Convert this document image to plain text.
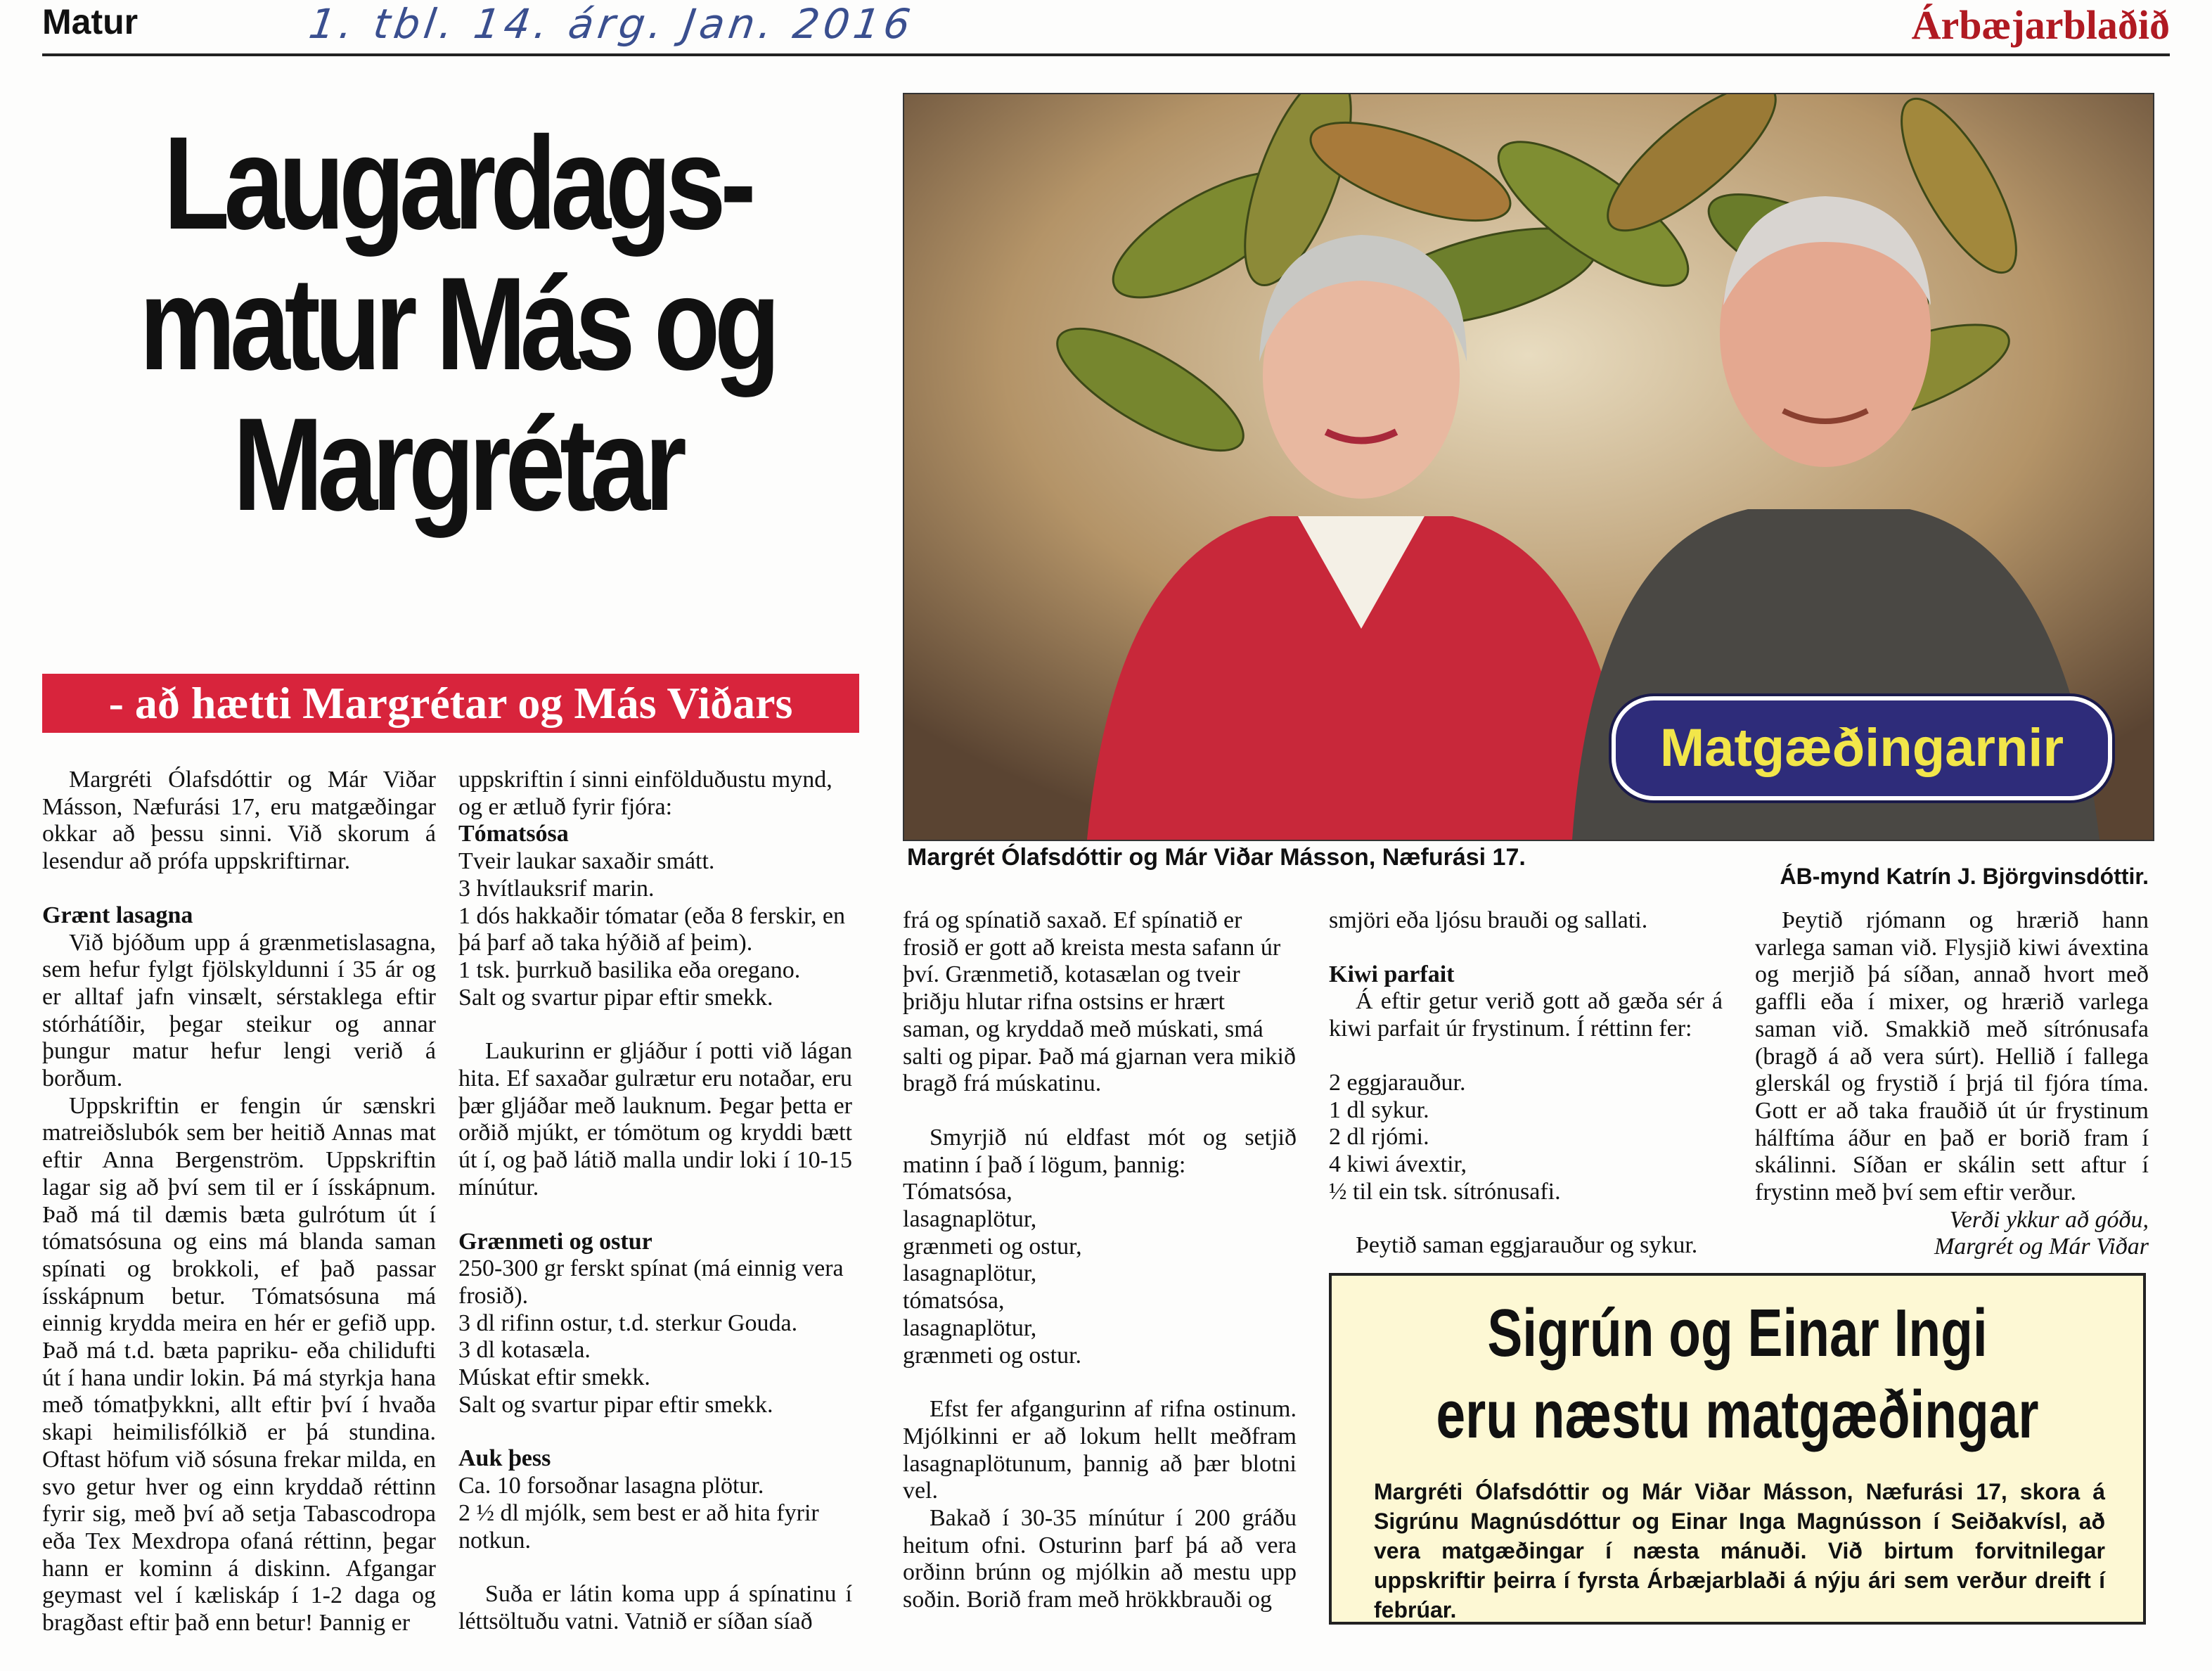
Matur	1. tbl. 14. árg. Jan. 2016	Árbæjarblaðið
Laugardags-
matur Más og
Margrétar
- að hætti Margrétar og Más Viðars
Matgæðingarnir
Margrét Ólafsdóttir og Már Viðar Másson, Næfurási 17.
ÁB-mynd Katrín J. Björgvinsdóttir.

Margréti Ólafsdóttir og Már Viðar Másson, Næfurási 17, eru matgæðingar okkar að þessu sinni. Við skorum á lesendur að prófa uppskriftirnar.

Grænt lasagna

Við bjóðum upp á grænmetislasagna, sem hefur fylgt fjölskyldunni í 35 ár og er alltaf jafn vinsælt, sérstaklega eftir stórhátíðir, þegar steikur og annar þungur matur hefur lengi verið á borðum.

Uppskriftin er fengin úr sænskri matreiðslubók sem ber heitið Annas mat eftir Anna Bergenström. Uppskriftin lagar sig að því sem til er í ísskápnum. Það má til dæmis bæta gulrótum út í tómatsósuna og eins má blanda saman spínati og brokkoli, ef það passar ísskápnum betur. Tómatsósuna má einnig krydda meira en hér er gefið upp. Það má t.d. bæta papriku- eða chilidufti út í hana undir lokin. Þá má styrkja hana með tómatþykkni, allt eftir því í hvaða skapi heimilisfólkið er þá stundina. Oftast höfum við sósuna frekar milda, en svo getur hver og einn kryddað réttinn fyrir sig, með því að setja Tabascodropa eða Tex Mexdropa ofaná réttinn, þegar hann er kominn á diskinn. Afgangar geymast vel í kæliskáp í 1-2 daga og bragðast eftir það enn betur! Þannig er

uppskriftin í sinni einfölduðustu mynd, og er ætluð fyrir fjóra:

Tómatsósa

Tveir laukar saxaðir smátt.

3 hvítlauksrif marin.

1 dós hakkaðir tómatar (eða 8 ferskir, en þá þarf að taka hýðið af þeim).

1 tsk. þurrkuð basilika eða oregano.

Salt og svartur pipar eftir smekk.

Laukurinn er gljáður í potti við lágan hita. Ef saxaðar gulrætur eru notaðar, eru þær gljáðar með lauknum. Þegar þetta er orðið mjúkt, er tómötum og kryddi bætt út í, og það látið malla undir loki í 10-15 mínútur.

Grænmeti og ostur

250-300 gr ferskt spínat (má einnig vera frosið).

3 dl rifinn ostur, t.d. sterkur Gouda.

3 dl kotasæla.

Múskat eftir smekk.

Salt og svartur pipar eftir smekk.

Auk þess

Ca. 10 forsoðnar lasagna plötur.

2 ½ dl mjólk, sem best er að hita fyrir notkun.

Suða er látin koma upp á spínatinu í léttsöltuðu vatni. Vatnið er síðan síað

frá og spínatið saxað. Ef spínatið er frosið er gott að kreista mesta safann úr því. Grænmetið, kotasælan og tveir þriðju hlutar rifna ostsins er hrært saman, og kryddað með múskati, smá salti og pipar. Það má gjarnan vera mikið bragð frá múskatinu.

Smyrjið nú eldfast mót og setjið matinn í það í lögum, þannig:

Tómatsósa,

lasagnaplötur,

grænmeti og ostur,

lasagnaplötur,

tómatsósa,

lasagnaplötur,

grænmeti og ostur.

Efst fer afgangurinn af rifna ostinum. Mjólkinni er að lokum hellt meðfram lasagnaplötunum, þannig að þær blotni vel.

Bakað í 30-35 mínútur í 200 gráðu heitum ofni. Osturinn þarf þá að vera orðinn brúnn og mjólkin að mestu upp soðin. Borið fram með hrökkbrauði og

smjöri eða ljósu brauði og sallati.

Kiwi parfait

Á eftir getur verið gott að gæða sér á kiwi parfait úr frystinum. Í réttinn fer:

2 eggjarauður.

1 dl sykur.

2 dl rjómi.

4 kiwi ávextir,

½ til ein tsk. sítrónusafi.

Þeytið saman eggjarauður og sykur.

Þeytið rjómann og hrærið hann varlega saman við. Flysjið kiwi ávextina og merjið þá síðan, annað hvort með gaffli eða í mixer, og hrærið varlega saman við. Smakkið með sítrónusafa (bragð á að vera súrt). Hellið í fallega glerskál og frystið í þrjá til fjóra tíma. Gott er að taka frauðið út úr frystinum hálftíma áður en það er borið fram í skálinni. Síðan er skálin sett aftur í frystinn með því sem eftir verður.

Verði ykkur að góðu,

Margrét og Már Viðar

Sigrún og Einar Ingi
eru næstu matgæðingar
Margréti Ólafsdóttir og Már Viðar Másson, Næfurási 17, skora á Sigrúnu Magnúsdóttur og Einar Inga Magnússon í Seiðakvísl, að vera matgæðingar í næsta mánuði. Við birtum forvitnilegar uppskriftir þeirra í fyrsta Árbæjarblaði á nýju ári sem verður dreift í febrúar.
